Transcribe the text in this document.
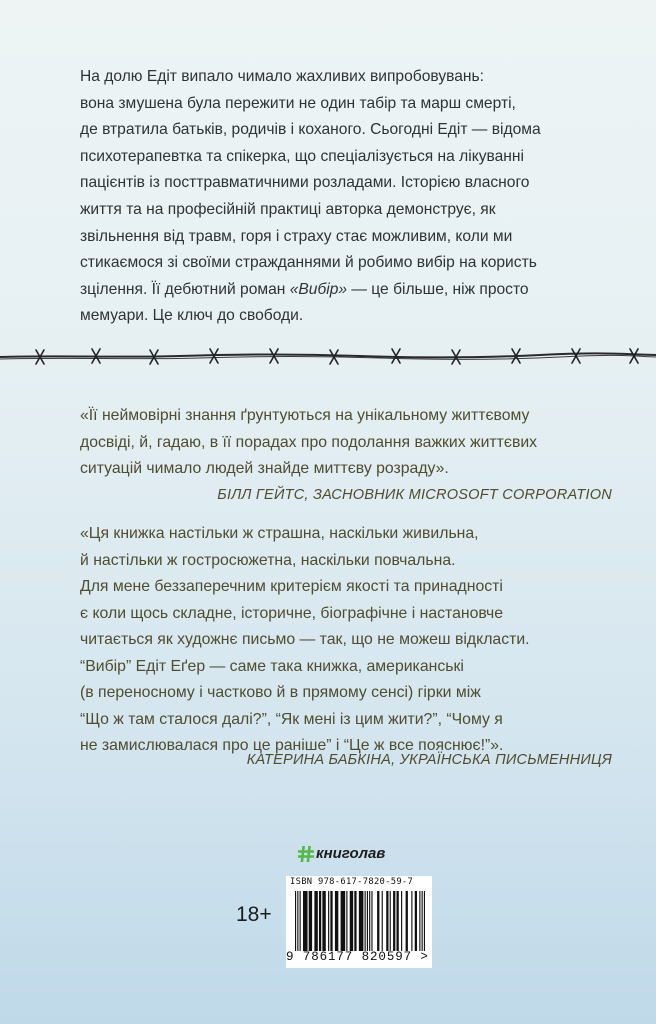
На долю Едіт випало чимало жахливих випробовувань:

вона змушена була пережити не один табір та марш смерті,

де втратила батьків, родичів і коханого. Сьогодні Едіт — відома

психотерапевтка та спікерка, що спеціалізується на лікуванні

пацієнтів із посттравматичними розладами. Історією власного

життя та на професійній практиці авторка демонструє, як

звільнення від травм, горя і страху стає можливим, коли ми

стикаємося зі своїми стражданнями й робимо вибір на користь

зцілення. Її дебютний роман «Вибір» — це більше, ніж просто

мемуари. Це ключ до свободи.

«Її неймовірні знання ґрунтуються на унікальному життєвому

досвіді, й, гадаю, в її порадах про подолання важких життєвих

ситуацій чимало людей знайде миттєву розраду».

БІЛЛ ГЕЙТС, ЗАСНОВНИК MICROSOFT CORPORATION

«Ця книжка настільки ж страшна, наскільки живильна,

й настільки ж гостросюжетна, наскільки повчальна.

Для мене беззаперечним критерієм якості та принадності

є коли щось складне, історичне, біографічне і настановче

читається як художнє письмо — так, що не можеш відкласти.

“Вибір” Едіт Еґер — саме така книжка, американські

(в переносному і частково й в прямому сенсі) гірки між

“Що ж там сталося далі?”, “Як мені із цим жити?”, “Чому я

не замислювалася про це раніше” і “Це ж все пояснює!”».

КАТЕРИНА БАБКІНА, УКРАЇНСЬКА ПИСЬМЕННИЦЯ
книголав
18+
ISBN 978-617-7820-59-7
9 786177 820597 >
